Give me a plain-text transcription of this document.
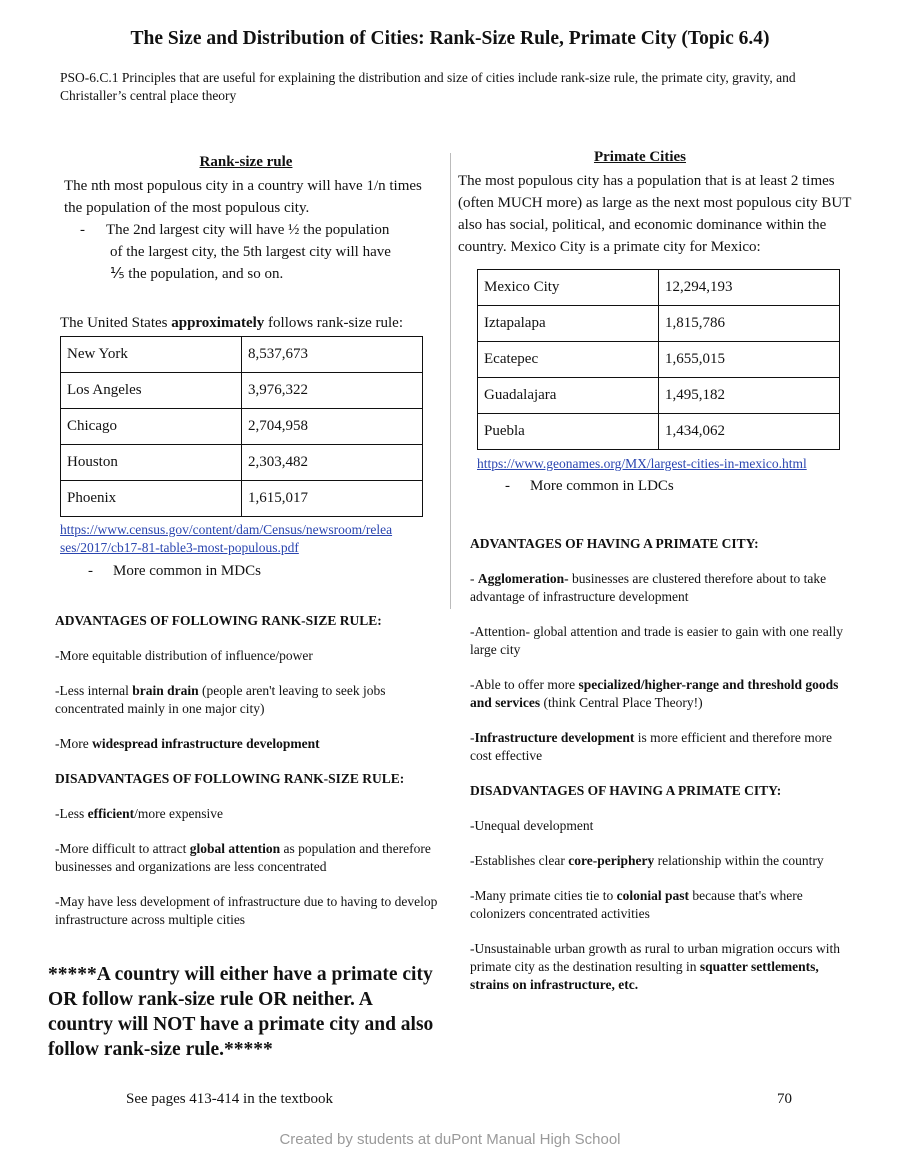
The Size and Distribution of Cities: Rank-Size Rule, Primate City (Topic 6.4)
PSO-6.C.1 Principles that are useful for explaining the distribution and size of cities include rank-size rule, the primate city, gravity, and Christaller’s central place theory
Rank-size rule
The nth most populous city in a country will have 1/n times the population of the most populous city.
- The 2nd largest city will have ½ the population
of the largest city, the 5th largest city will have
⅕ the population, and so on.
The United States approximately follows rank-size rule:
New York	8,537,673
Los Angeles	3,976,322
Chicago	2,704,958
Houston	2,303,482
Phoenix	1,615,017
https://www.census.gov/content/dam/Census/newsroom/relea
ses/2017/cb17-81-table3-most-populous.pdf
- More common in MDCs
Primate Cities
The most populous city has a population that is at least 2 times (often MUCH more) as large as the next most populous city BUT also has social, political, and economic dominance within the country. Mexico City is a primate city for Mexico:
Mexico City	12,294,193
Iztapalapa	1,815,786
Ecatepec	1,655,015
Guadalajara	1,495,182
Puebla	1,434,062
https://www.geonames.org/MX/largest-cities-in-mexico.html
- More common in LDCs

ADVANTAGES OF HAVING A PRIMATE CITY:

- Agglomeration- businesses are clustered therefore about to take advantage of infrastructure development

-Attention- global attention and trade is easier to gain with one really large city

-Able to offer more specialized/higher-range and threshold goods and services (think Central Place Theory!)

-Infrastructure development is more efficient and therefore more cost effective

DISADVANTAGES OF HAVING A PRIMATE CITY:

-Unequal development

-Establishes clear core-periphery relationship within the country

-Many primate cities tie to colonial past because that's where colonizers concentrated activities

-Unsustainable urban growth as rural to urban migration occurs with primate city as the destination resulting in squatter settlements, strains on infrastructure, etc.

ADVANTAGES OF FOLLOWING RANK-SIZE RULE:

-More equitable distribution of influence/power

-Less internal brain drain (people aren't leaving to seek jobs concentrated mainly in one major city)

-More widespread infrastructure development

DISADVANTAGES OF FOLLOWING RANK-SIZE RULE:

-Less efficient/more expensive

-More difficult to attract global attention as population and therefore businesses and organizations are less concentrated

-May have less development of infrastructure due to having to develop infrastructure across multiple cities

*****A country will either have a primate city OR follow rank-size rule OR neither. A country will NOT have a primate city and also follow rank-size rule.*****
See pages 413-414 in the textbook	70
Created by students at duPont Manual High School
